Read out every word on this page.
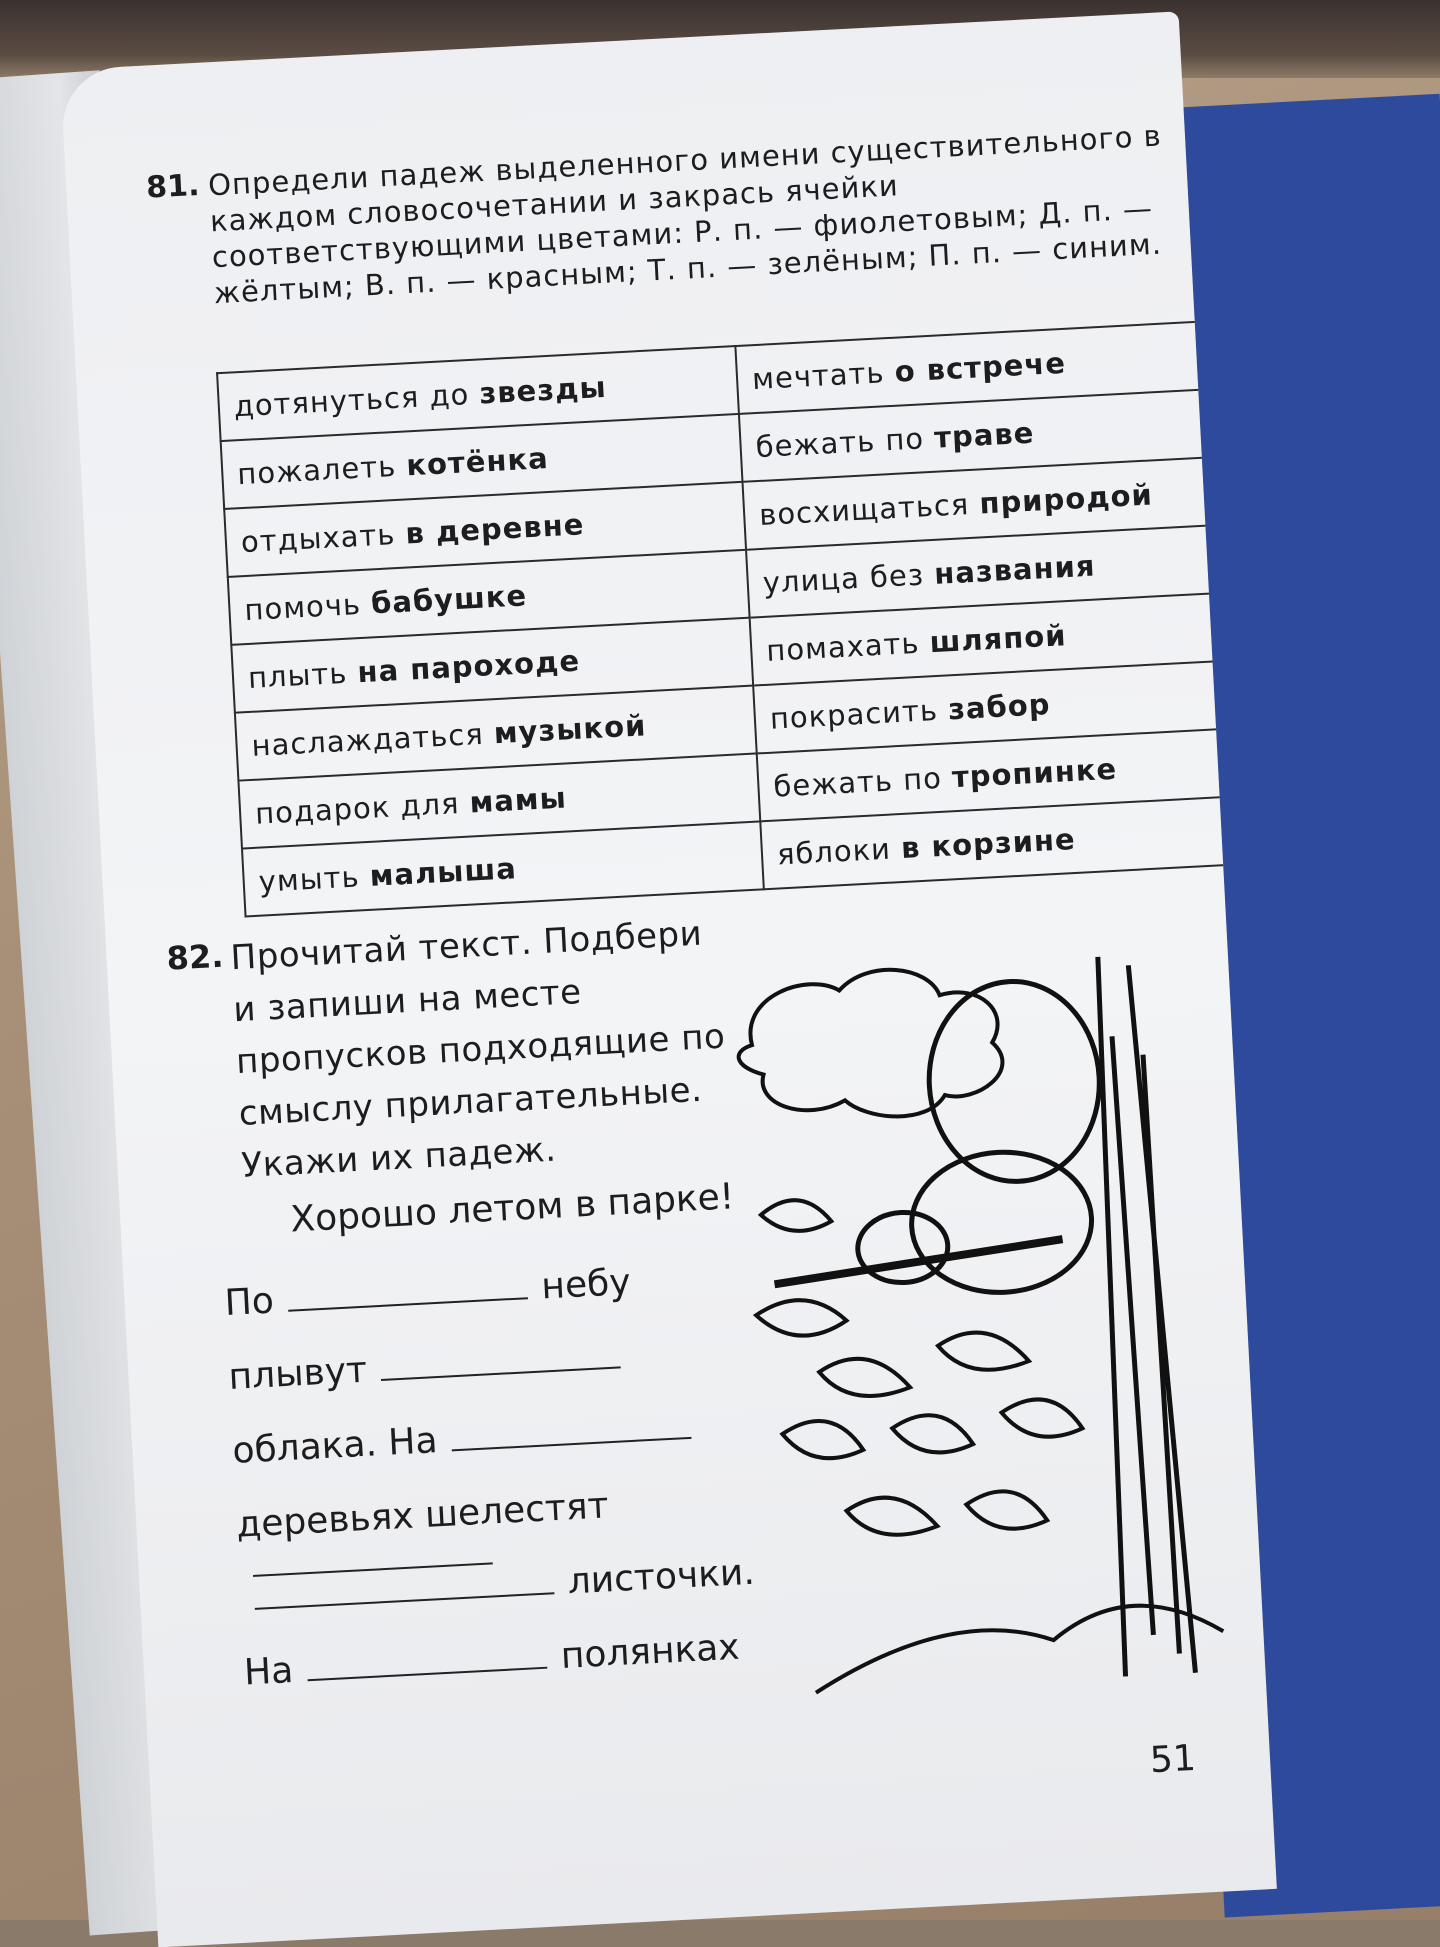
81. Определи падеж выделенного имени существительного в каждом словосочетании и закрась ячейки соответствующими цветами: Р. п. — фиолетовым; Д. п. — жёлтым; В. п. — красным; Т. п. — зелёным; П. п. — синим.
дотянуться до звезды	мечтать о встрече
пожалеть котёнка	бежать по траве
отдыхать в деревне	восхищаться природой
помочь бабушке	улица без названия
плыть на пароходе	помахать шляпой
наслаждаться музыкой	покрасить забор
подарок для мамы	бежать по тропинке
умыть малыша	яблоки в корзине
82. Прочитай текст. Подбери и запиши на месте пропусков подходящие по смыслу прилагательные. Укажи их падеж.
Хорошо летом в парке!
По	небу
плывут
облака. На
деревьях шелестят
листочки.
На	полянках
51
